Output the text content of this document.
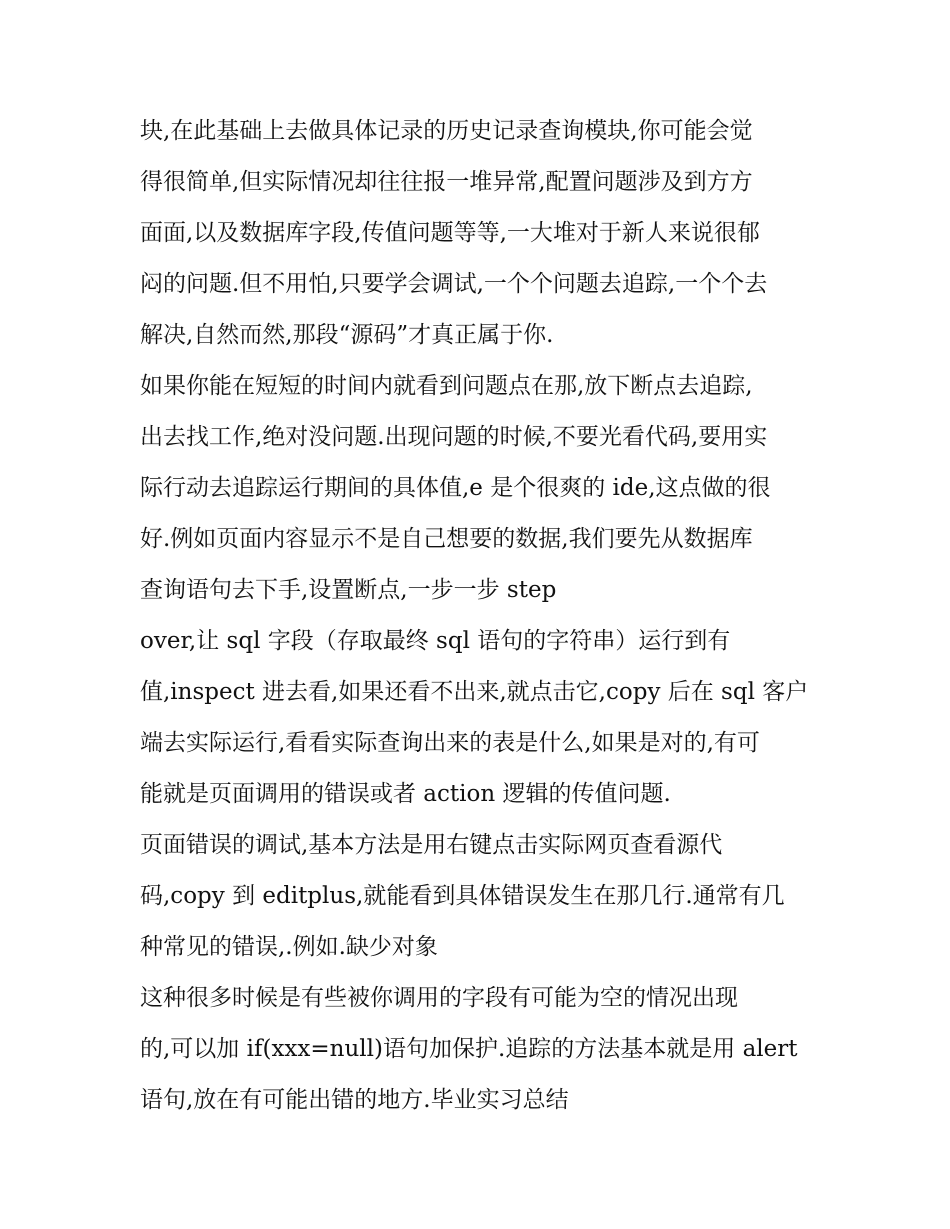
块,在此基础上去做具体记录的历史记录查询模块,你可能会觉
得很简单,但实际情况却往往报一堆异常,配置问题涉及到方方
面面,以及数据库字段,传值问题等等,一大堆对于新人来说很郁
闷的问题.但不用怕,只要学会调试,一个个问题去追踪,一个个去
解决,自然而然,那段“源码”才真正属于你.
如果你能在短短的时间内就看到问题点在那,放下断点去追踪,
出去找工作,绝对没问题.出现问题的时候,不要光看代码,要用实
际行动去追踪运行期间的具体值,e 是个很爽的 ide,这点做的很
好.例如页面内容显示不是自己想要的数据,我们要先从数据库
查询语句去下手,设置断点,一步一步 step
over,让 sql 字段（存取最终 sql 语句的字符串）运行到有
值,inspect 进去看,如果还看不出来,就点击它,copy 后在 sql 客户
端去实际运行,看看实际查询出来的表是什么,如果是对的,有可
能就是页面调用的错误或者 action 逻辑的传值问题.
页面错误的调试,基本方法是用右键点击实际网页查看源代
码,copy 到 editplus,就能看到具体错误发生在那几行.通常有几
种常见的错误,.例如.缺少对象
这种很多时候是有些被你调用的字段有可能为空的情况出现
的,可以加 if(xxx=null)语句加保护.追踪的方法基本就是用 alert
语句,放在有可能出错的地方.毕业实习总结
